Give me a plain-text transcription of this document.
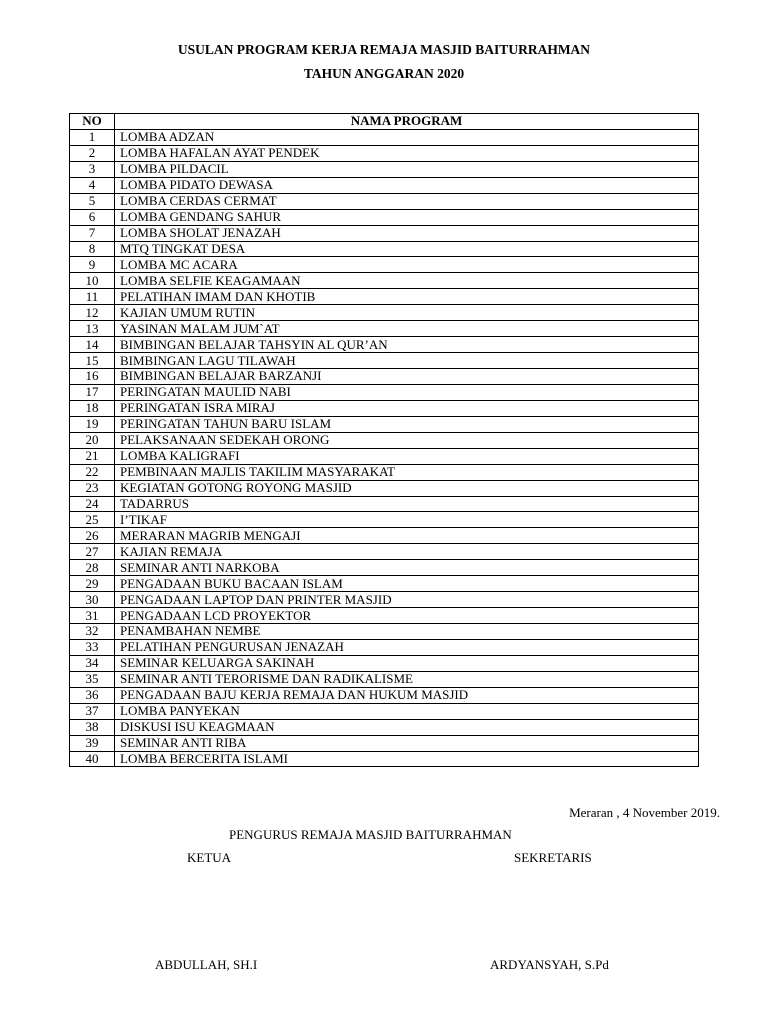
USULAN PROGRAM KERJA REMAJA MASJID BAITURRAHMAN
TAHUN ANGGARAN 2020
NO	NAMA PROGRAM
1	LOMBA ADZAN
2	LOMBA HAFALAN AYAT PENDEK
3	LOMBA PILDACIL
4	LOMBA PIDATO DEWASA
5	LOMBA CERDAS CERMAT
6	LOMBA GENDANG SAHUR
7	LOMBA SHOLAT JENAZAH
8	MTQ TINGKAT DESA
9	LOMBA MC ACARA
10	LOMBA SELFIE KEAGAMAAN
11	PELATIHAN IMAM DAN KHOTIB
12	KAJIAN UMUM RUTIN
13	YASINAN MALAM JUM`AT
14	BIMBINGAN BELAJAR TAHSYIN AL QUR’AN
15	BIMBINGAN LAGU TILAWAH
16	BIMBINGAN BELAJAR BARZANJI
17	PERINGATAN MAULID NABI
18	PERINGATAN ISRA MIRAJ
19	PERINGATAN TAHUN BARU ISLAM
20	PELAKSANAAN SEDEKAH ORONG
21	LOMBA KALIGRAFI
22	PEMBINAAN MAJLIS TAKILIM MASYARAKAT
23	KEGIATAN GOTONG ROYONG MASJID
24	TADARRUS
25	I’TIKAF
26	MERARAN MAGRIB MENGAJI
27	KAJIAN REMAJA
28	SEMINAR ANTI NARKOBA
29	PENGADAAN BUKU BACAAN ISLAM
30	PENGADAAN LAPTOP DAN PRINTER MASJID
31	PENGADAAN LCD PROYEKTOR
32	PENAMBAHAN NEMBE
33	PELATIHAN PENGURUSAN JENAZAH
34	SEMINAR KELUARGA SAKINAH
35	SEMINAR ANTI TERORISME DAN RADIKALISME
36	PENGADAAN BAJU KERJA REMAJA DAN HUKUM MASJID
37	LOMBA PANYEKAN
38	DISKUSI ISU KEAGMAAN
39	SEMINAR ANTI RIBA
40	LOMBA BERCERITA ISLAMI
Meraran , 4 November 2019.
PENGURUS REMAJA MASJID BAITURRAHMAN
KETUA	SEKRETARIS
ABDULLAH, SH.I	ARDYANSYAH, S.Pd
